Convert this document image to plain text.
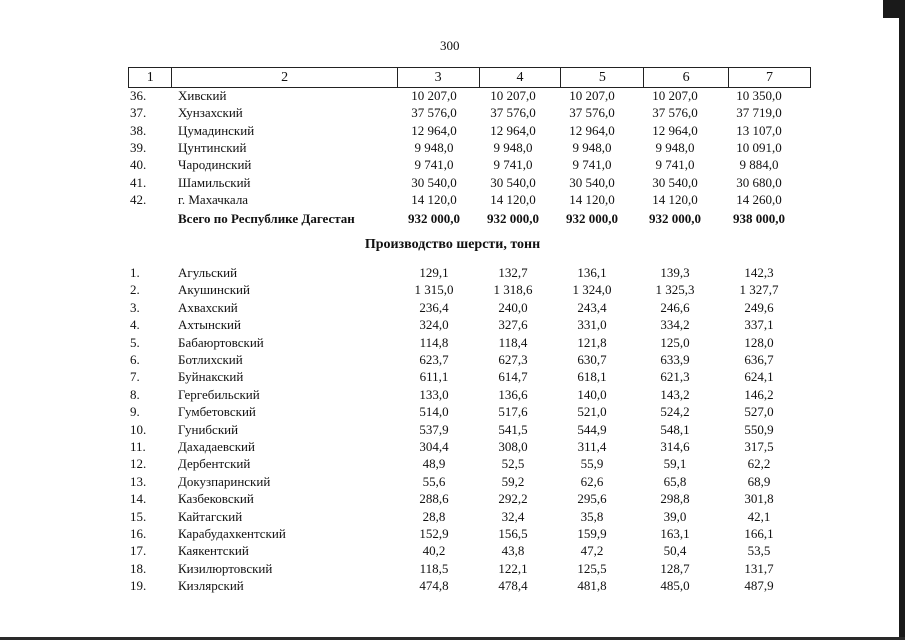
300
1	2	3	4	5	6	7
36. Хивский	10 207,0	10 207,0	10 207,0	10 207,0	10 350,0
37. Хунзахский	37 576,0	37 576,0	37 576,0	37 576,0	37 719,0
38. Цумадинский	12 964,0	12 964,0	12 964,0	12 964,0	13 107,0
39. Цунтинский	9 948,0	9 948,0	9 948,0	9 948,0	10 091,0
40. Чародинский	9 741,0	9 741,0	9 741,0	9 741,0	9 884,0
41. Шамильский	30 540,0	30 540,0	30 540,0	30 540,0	30 680,0
42. г. Махачкала	14 120,0	14 120,0	14 120,0	14 120,0	14 260,0
Всего по Республике Дагестан	932 000,0	932 000,0	932 000,0	932 000,0	938 000,0
Производство шерсти, тонн
1.	Агульский	129,1	132,7	136,1	139,3	142,3
2.	Акушинский	1 315,0	1 318,6	1 324,0	1 325,3	1 327,7
3.	Ахвахский	236,4	240,0	243,4	246,6	249,6
4.	Ахтынский	324,0	327,6	331,0	334,2	337,1
5.	Бабаюртовский	114,8	118,4	121,8	125,0	128,0
6.	Ботлихский	623,7	627,3	630,7	633,9	636,7
7.	Буйнакский	611,1	614,7	618,1	621,3	624,1
8.	Гергебильский	133,0	136,6	140,0	143,2	146,2
9.	Гумбетовский	514,0	517,6	521,0	524,2	527,0
10. Гунибский	537,9	541,5	544,9	548,1	550,9
11. Дахадаевский	304,4	308,0	311,4	314,6	317,5
12. Дербентский	48,9	52,5	55,9	59,1	62,2
13. Докузпаринский	55,6	59,2	62,6	65,8	68,9
14. Казбековский	288,6	292,2	295,6	298,8	301,8
15. Кайтагский	28,8	32,4	35,8	39,0	42,1
16. Карабудахкентский	152,9	156,5	159,9	163,1	166,1
17. Каякентский	40,2	43,8	47,2	50,4	53,5
18. Кизилюртовский	118,5	122,1	125,5	128,7	131,7
19. Кизлярский	474,8	478,4	481,8	485,0	487,9
